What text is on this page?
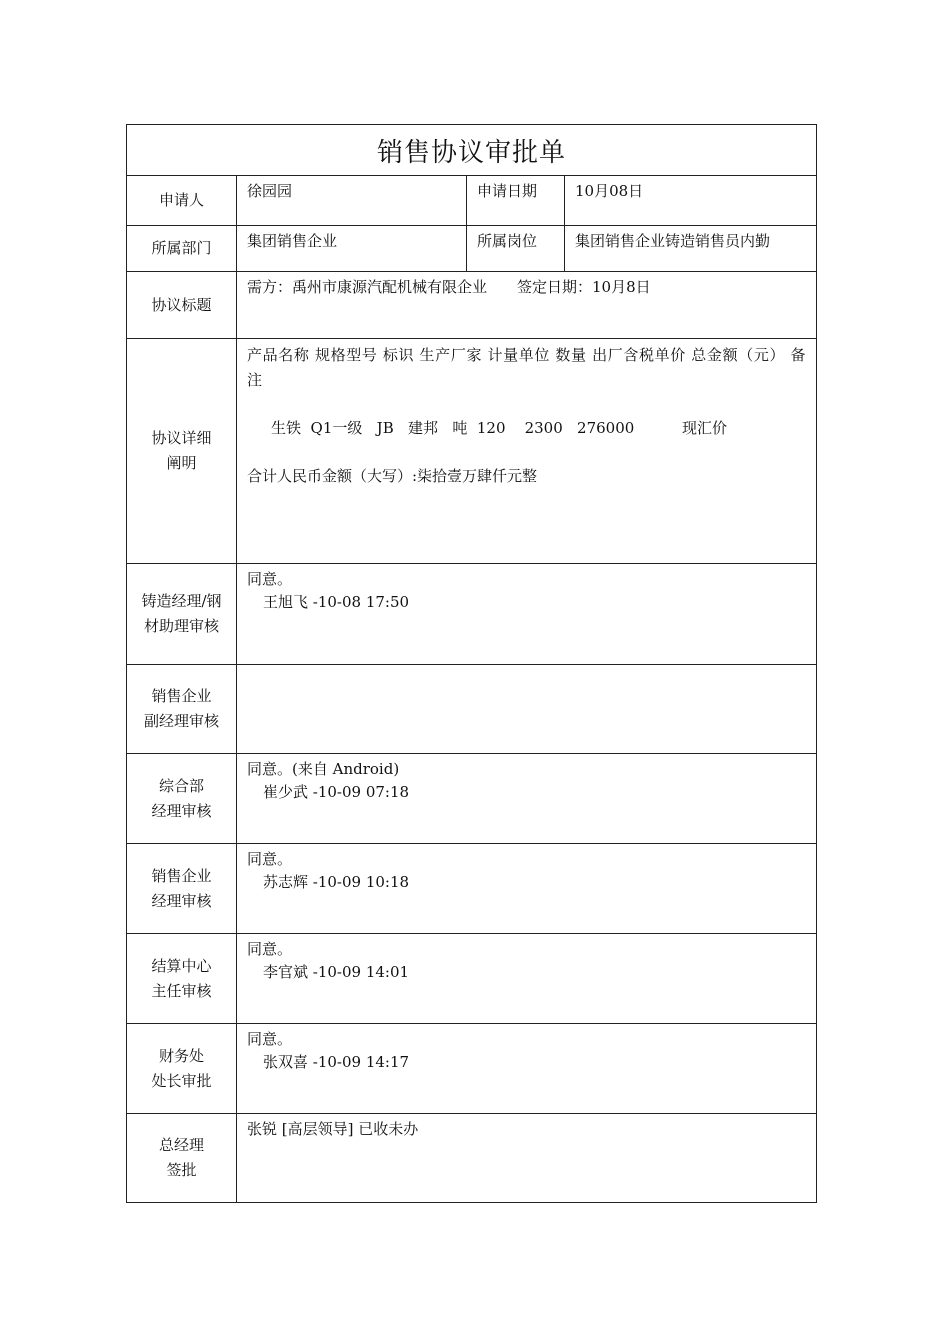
销售协议审批单			
申请人	徐园园	申请日期	10月08日
所属部门	集团销售企业	所属岗位	集团销售企业铸造销售员内勤
协议标题	需方：禹州市康源汽配机械有限企业　　签定日期：10月8日		

协议详细
阐明	产品名称 规格型号 标识 生产厂家 计量单位 数量 出厂含税单价 总金额（元） 备注
生铁  Q1一级   JB   建邦   吨  120    2300   276000          现汇价
合计人民币金额（大写）:柒拾壹万肆仟元整		

铸造经理/钢
材助理审核	同意。
王旭飞 -10-08 17:50		

销售企业
副经理审核			

综合部
经理审核	同意。(来自 Android)
崔少武 -10-09 07:18		

销售企业
经理审核	同意。
苏志辉 -10-09 10:18		

结算中心
主任审核	同意。
李官斌 -10-09 14:01		

财务处
处长审批	同意。
张双喜 -10-09 14:17		

总经理
签批	张锐 [高层领导] 已收未办		
